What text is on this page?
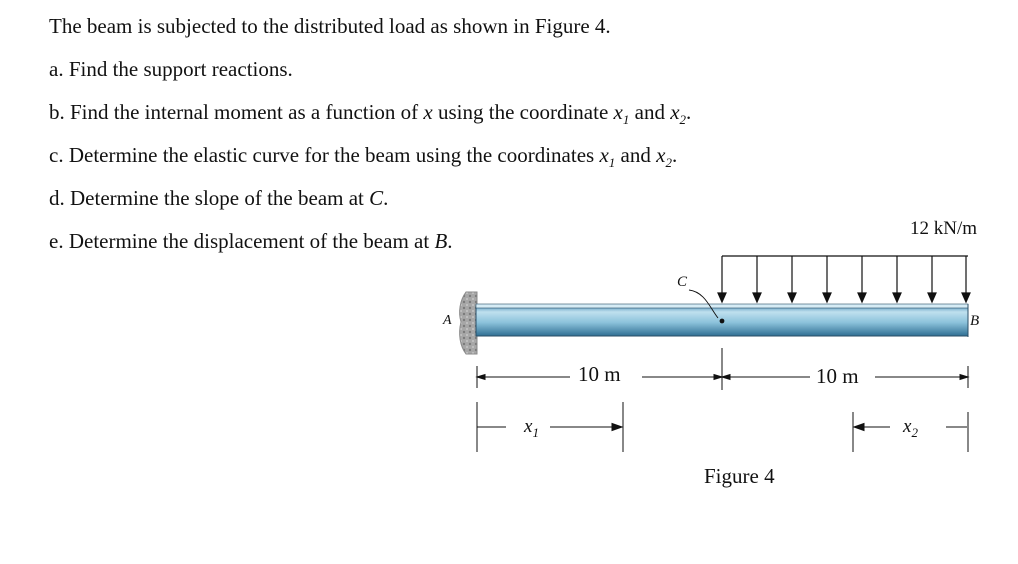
The beam is subjected to the distributed load as shown in Figure 4.
a. Find the support reactions.
b. Find the internal moment as a function of x using the coordinate $x_1$ and $x_2$.
c. Determine the elastic curve for the beam using the coordinates $x_1$ and $x_2$.
d. Determine the slope of the beam at C.
e. Determine the displacement of the beam at B.
12 kN/m
A	B
C
10 m	10 m
$x_1$	$x_2$
Figure 4
